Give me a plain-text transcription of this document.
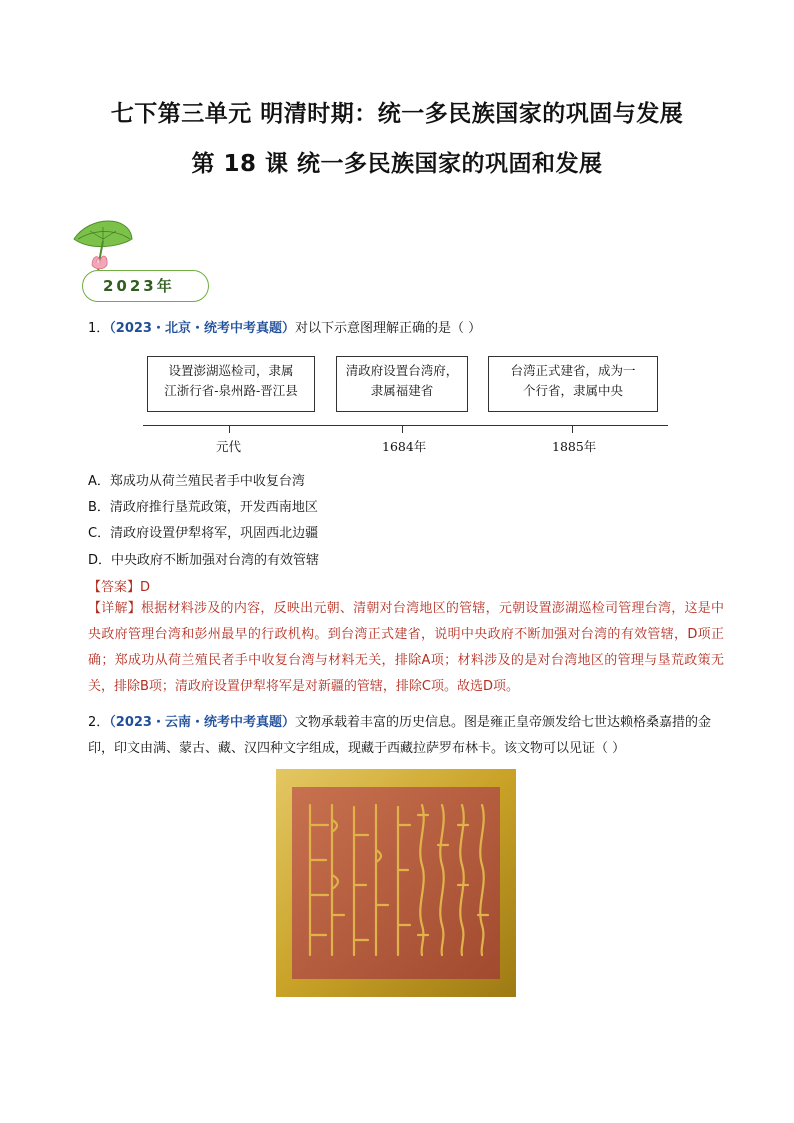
七下第三单元 明清时期：统一多民族国家的巩固与发展
第 18 课 统一多民族国家的巩固和发展
2023年
1．（2023・北京・统考中考真题）对以下示意图理解正确的是（ ）
设置澎湖巡检司，隶属
江浙行省-泉州路-晋江县
清政府设置台湾府，
隶属福建省
台湾正式建省，成为一
个行省，隶属中央
元代	1684年	1885年
A．郑成功从荷兰殖民者手中收复台湾
B．清政府推行垦荒政策，开发西南地区
C．清政府设置伊犁将军，巩固西北边疆
D．中央政府不断加强对台湾的有效管辖
【答案】D
【详解】根据材料涉及的内容，反映出元朝、清朝对台湾地区的管辖，元朝设置澎湖巡检司管理台湾，这是中央政府管理台湾和彭州最早的行政机构。到台湾正式建省，说明中央政府不断加强对台湾的有效管辖，D项正确；郑成功从荷兰殖民者手中收复台湾与材料无关，排除A项；材料涉及的是对台湾地区的管理与垦荒政策无关，排除B项；清政府设置伊犁将军是对新疆的管辖，排除C项。故选D项。
2．（2023・云南・统考中考真题）文物承载着丰富的历史信息。图是雍正皇帝颁发给七世达赖格桑嘉措的金印，印文由满、蒙古、藏、汉四种文字组成，现藏于西藏拉萨罗布林卡。该文物可以见证（ ）
